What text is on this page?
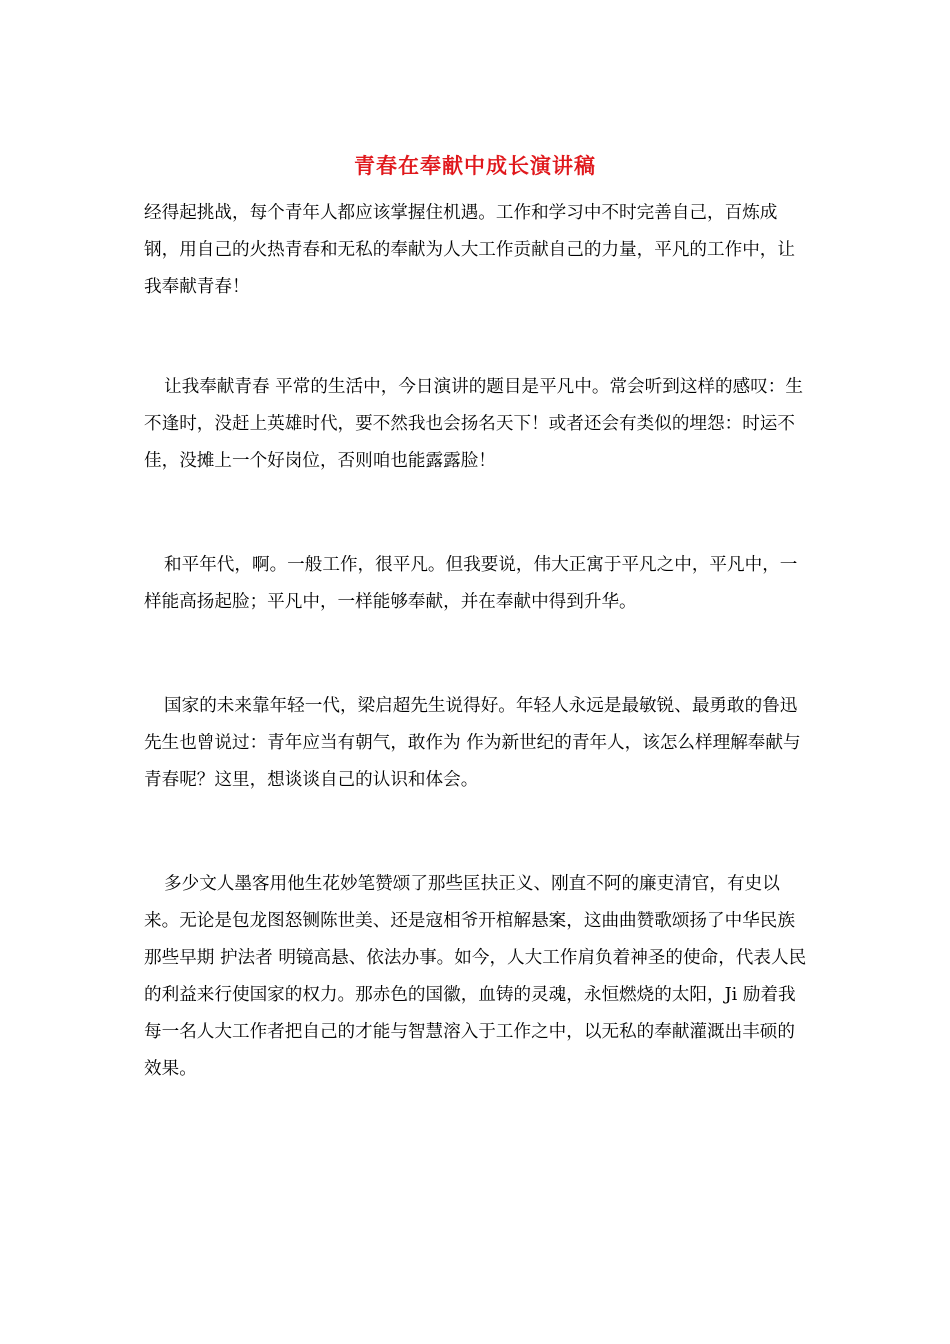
青春在奉献中成长演讲稿

经得起挑战，每个青年人都应该掌握住机遇。工作和学习中不时完善自己，百炼成钢，用自己的火热青春和无私的奉献为人大工作贡献自己的力量，平凡的工作中，让我奉献青春！

让我奉献青春 平常的生活中，今日演讲的题目是平凡中。常会听到这样的感叹：生不逢时，没赶上英雄时代，要不然我也会扬名天下！或者还会有类似的埋怨：时运不佳，没摊上一个好岗位，否则咱也能露露脸！

和平年代，啊。一般工作，很平凡。但我要说，伟大正寓于平凡之中，平凡中，一样能高扬起脸；平凡中，一样能够奉献，并在奉献中得到升华。

国家的未来靠年轻一代，梁启超先生说得好。年轻人永远是最敏锐、最勇敢的鲁迅先生也曾说过：青年应当有朝气，敢作为 作为新世纪的青年人，该怎么样理解奉献与青春呢？这里，想谈谈自己的认识和体会。

多少文人墨客用他生花妙笔赞颂了那些匡扶正义、刚直不阿的廉吏清官，有史以来。无论是包龙图怒铡陈世美、还是寇相爷开棺解悬案，这曲曲赞歌颂扬了中华民族那些早期 护法者 明镜高悬、依法办事。如今，人大工作肩负着神圣的使命，代表人民的利益来行使国家的权力。那赤色的国徽，血铸的灵魂，永恒燃烧的太阳，Ji 励着我每一名人大工作者把自己的才能与智慧溶入于工作之中，以无私的奉献灌溉出丰硕的效果。
